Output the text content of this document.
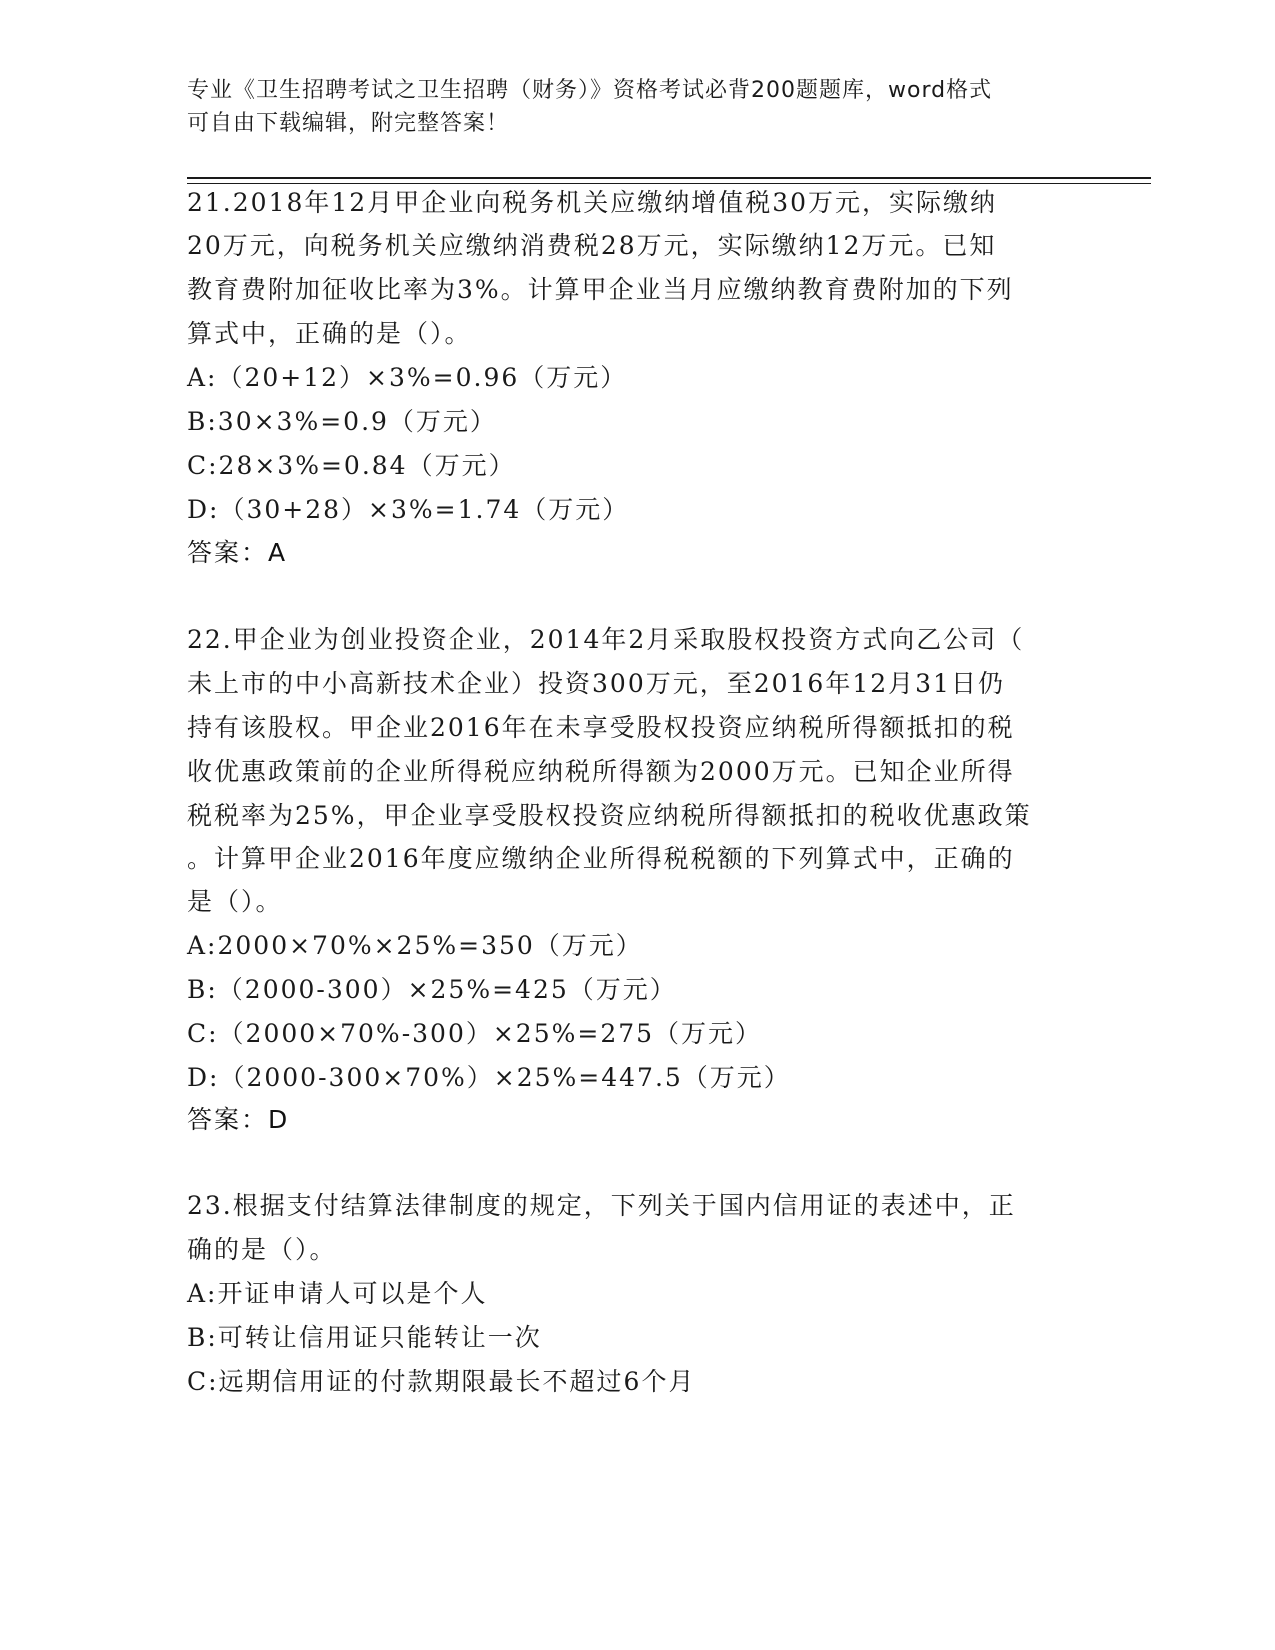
专业《卫生招聘考试之卫生招聘（财务）》资格考试必背200题题库，word格式
可自由下载编辑，附完整答案！
21.2018年12月甲企业向税务机关应缴纳增值税30万元，实际缴纳
20万元，向税务机关应缴纳消费税28万元，实际缴纳12万元。已知
教育费附加征收比率为3%。计算甲企业当月应缴纳教育费附加的下列
算式中，正确的是（）。
A:（20+12）×3%=0.96（万元）
B:30×3%=0.9（万元）
C:28×3%=0.84（万元）
D:（30+28）×3%=1.74（万元）
答案：A
22.甲企业为创业投资企业，2014年2月采取股权投资方式向乙公司（
未上市的中小高新技术企业）投资300万元，至2016年12月31日仍
持有该股权。甲企业2016年在未享受股权投资应纳税所得额抵扣的税
收优惠政策前的企业所得税应纳税所得额为2000万元。已知企业所得
税税率为25%，甲企业享受股权投资应纳税所得额抵扣的税收优惠政策
。计算甲企业2016年度应缴纳企业所得税税额的下列算式中，正确的
是（）。
A:2000×70%×25%=350（万元）
B:（2000-300）×25%=425（万元）
C:（2000×70%-300）×25%=275（万元）
D:（2000-300×70%）×25%=447.5（万元）
答案：D
23.根据支付结算法律制度的规定，下列关于国内信用证的表述中，正
确的是（）。
A:开证申请人可以是个人
B:可转让信用证只能转让一次
C:远期信用证的付款期限最长不超过6个月
